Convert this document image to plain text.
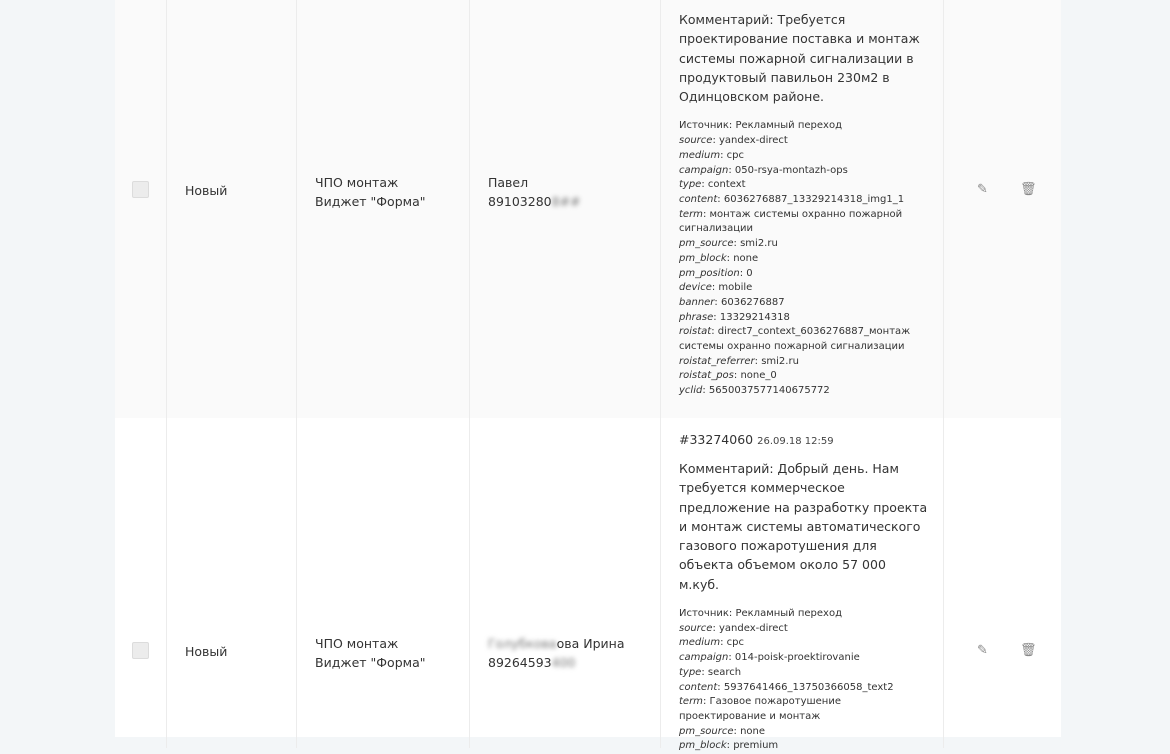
Новый
ЧПО монтаж
Виджет "Форма"
Павел
891032808##
Комментарий: Требуется проектирование поставка и монтаж системы пожарной сигнализации в продуктовый павильон 230м2 в Одинцовском районе.
Источник: Рекламный переход
source: yandex-direct
medium: cpc
campaign: 050-rsya-montazh-ops
type: context
content: 6036276887_13329214318_img1_1
term: монтаж системы охранно пожарной сигнализации
pm_source: smi2.ru
pm_block: none
pm_position: 0
device: mobile
banner: 6036276887
phrase: 13329214318
roistat: direct7_context_6036276887_монтаж системы охранно пожарной сигнализации
roistat_referrer: smi2.ru
roistat_pos: none_0
yclid: 5650037577140675772
✎ 🗑
Новый
ЧПО монтаж
Виджет "Форма"
Голубковаова Ирина
89264593400
#33274060 26.09.18 12:59
Комментарий: Добрый день. Нам требуется коммерческое предложение на разработку проекта и монтаж системы автоматического газового пожаротушения для объекта объемом около 57 000 м.куб.
Источник: Рекламный переход
source: yandex-direct
medium: cpc
campaign: 014-poisk-proektirovanie
type: search
content: 5937641466_13750366058_text2
term: Газовое пожаротушение проектирование и монтаж
pm_source: none
pm_block: premium
✎ 🗑
